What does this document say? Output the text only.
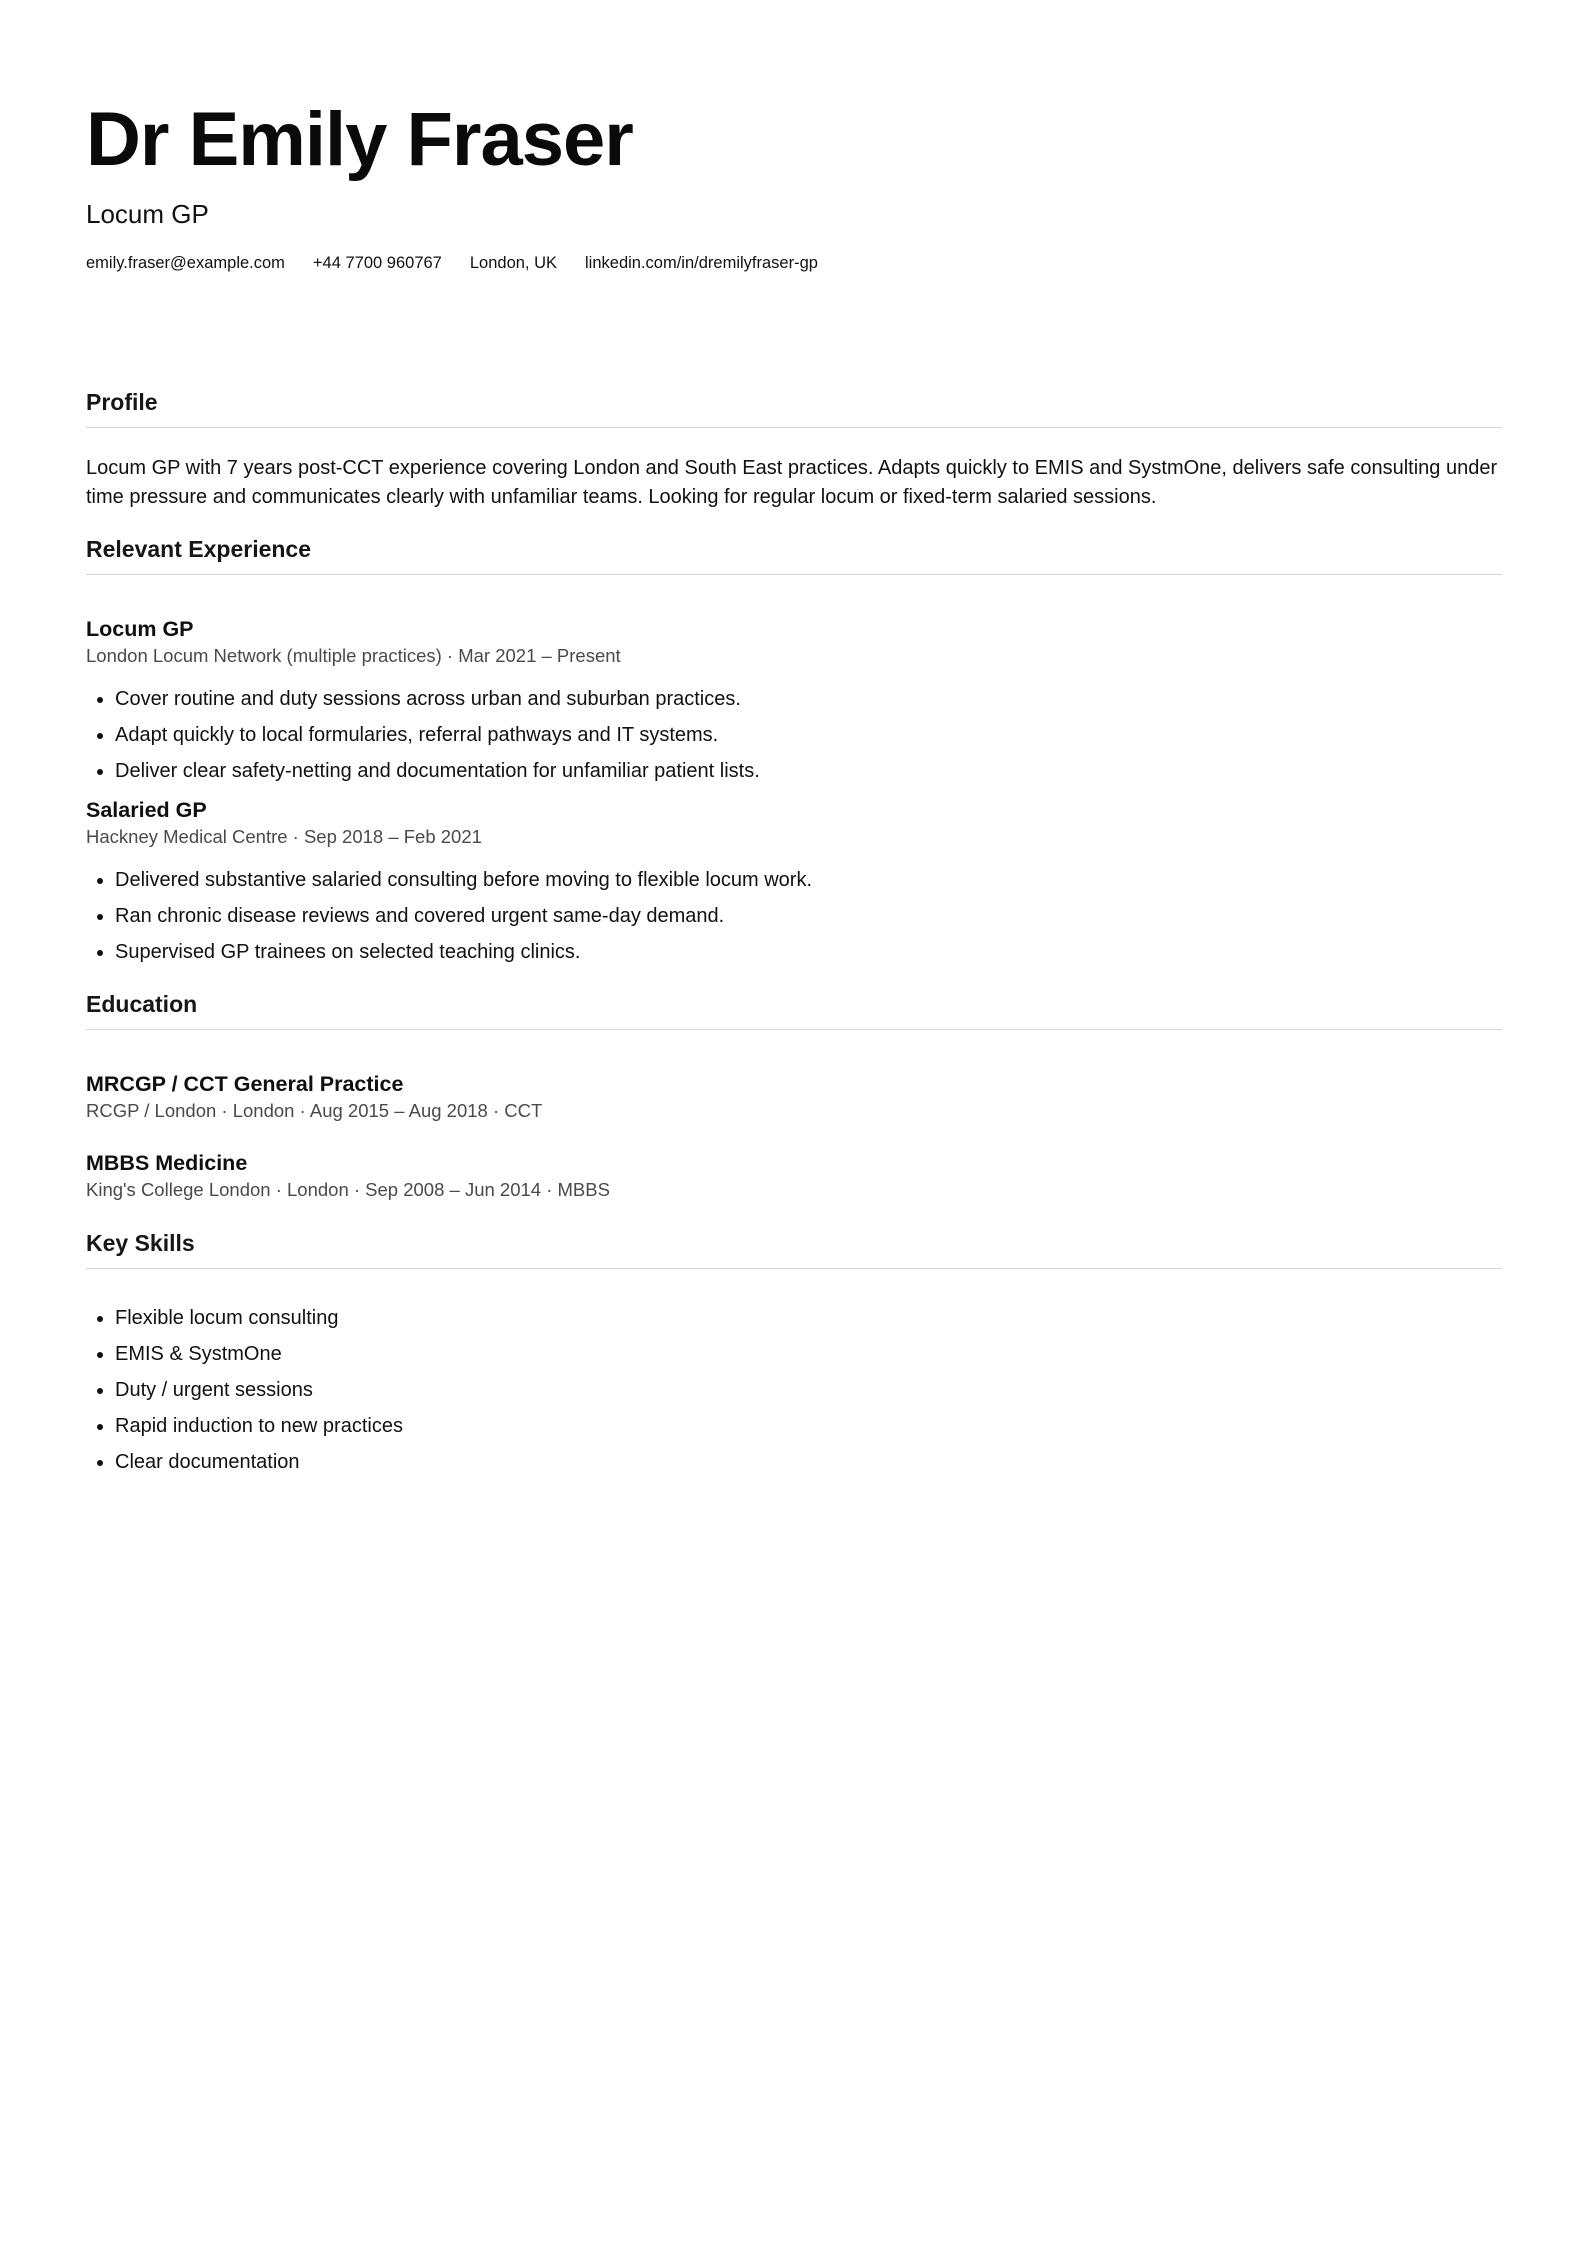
Dr Emily Fraser
Locum GP
emily.fraser@example.com +44 7700 960767 London, UK linkedin.com/in/dremilyfraser-gp
Profile

Locum GP with 7 years post-CCT experience covering London and South East practices. Adapts quickly to EMIS and SystmOne, delivers safe consulting under time pressure and communicates clearly with unfamiliar teams. Looking for regular locum or fixed-term salaried sessions.

Relevant Experience
Locum GP
London Locum Network (multiple practices) · Mar 2021 – Present
• Cover routine and duty sessions across urban and suburban practices.
• Adapt quickly to local formularies, referral pathways and IT systems.
• Deliver clear safety-netting and documentation for unfamiliar patient lists.
Salaried GP
Hackney Medical Centre · Sep 2018 – Feb 2021
• Delivered substantive salaried consulting before moving to flexible locum work.
• Ran chronic disease reviews and covered urgent same-day demand.
• Supervised GP trainees on selected teaching clinics.
Education
MRCGP / CCT General Practice
RCGP / London · London · Aug 2015 – Aug 2018 · CCT
MBBS Medicine
King's College London · London · Sep 2008 – Jun 2014 · MBBS
Key Skills
• Flexible locum consulting
• EMIS & SystmOne
• Duty / urgent sessions
• Rapid induction to new practices
• Clear documentation
